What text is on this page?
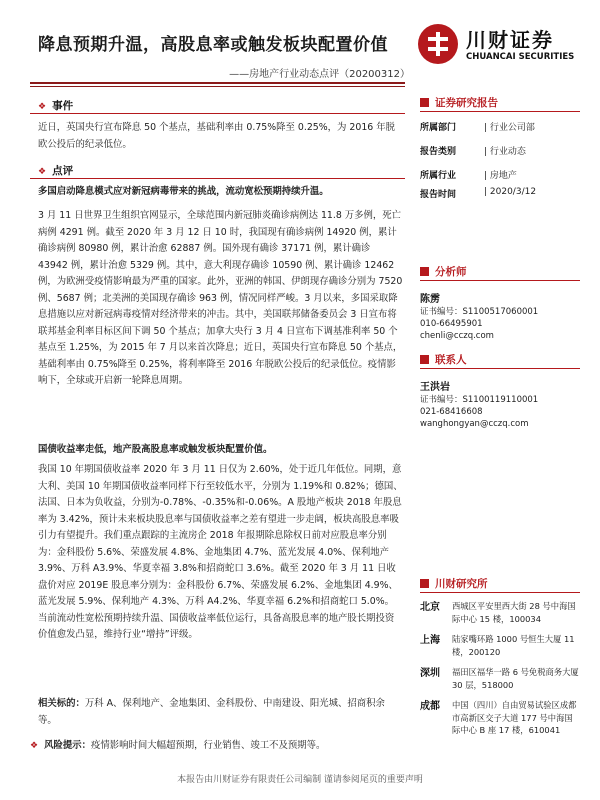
降息预期升温，高股息率或触发板块配置价值
——房地产行业动态点评（20200312）
川财证券
CHUANCAI SECURITIES
❖ 事件
近日，英国央行宣布降息 50 个基点，基础利率由 0.75%降至 0.25%，为 2016 年脱欧公投后的纪录低位。
❖ 点评
多国启动降息模式应对新冠病毒带来的挑战，流动宽松预期持续升温。
3 月 11 日世界卫生组织官网显示，全球范围内新冠肺炎确诊病例达 11.8 万多例，死亡病例 4291 例。截至 2020 年 3 月 12 日 10 时，我国现有确诊病例 14920 例，累计确诊病例 80980 例，累计治愈 62887 例。国外现有确诊 37171 例，累计确诊 43942 例，累计治愈 5329 例。其中，意大利现存确诊 10590 例、累计确诊 12462 例，为欧洲受疫情影响最为严重的国家。此外，亚洲的韩国、伊朗现存确诊分别为 7520 例、5687 例；北美洲的美国现存确诊 963 例，情况同样严峻。3 月以来，多国采取降息措施以应对新冠病毒疫情对经济带来的冲击。其中，美国联邦储备委员会 3 日宣布将联邦基金利率目标区间下调 50 个基点；加拿大央行 3 月 4 日宣布下调基准利率 50 个基点至 1.25%，为 2015 年 7 月以来首次降息；近日，英国央行宣布降息 50 个基点，基础利率由 0.75%降至 0.25%，将利率降至 2016 年脱欧公投后的纪录低位。疫情影响下，全球或开启新一轮降息周期。
国债收益率走低，地产股高股息率或触发板块配置价值。
我国 10 年期国债收益率 2020 年 3 月 11 日仅为 2.60%，处于近几年低位。同期，意大利、美国 10 年期国债收益率同样下行至较低水平，分别为 1.19%和 0.82%；德国、法国、日本为负收益，分别为-0.78%、-0.35%和-0.06%。A 股地产板块 2018 年股息率为 3.42%，预计未来板块股息率与国债收益率之差有望进一步走阔，板块高股息率吸引力有望提升。我们重点跟踪的主流房企 2018 年报期除息除权日前对应股息率分别为：金科股份 5.6%、荣盛发展 4.8%、金地集团 4.7%、蓝光发展 4.0%、保利地产 3.9%、万科 A3.9%、华夏幸福 3.8%和招商蛇口 3.6%。截至 2020 年 3 月 11 日收盘价对应 2019E 股息率分别为：金科股份 6.7%、荣盛发展 6.2%、金地集团 4.9%、蓝光发展 5.9%、保利地产 4.3%、万科 A4.2%、华夏幸福 6.2%和招商蛇口 5.0%。当前流动性宽松预期持续升温、国债收益率低位运行，具备高股息率的地产股长期投资价值愈发凸显，维持行业“增持”评级。
相关标的：万科 A、保利地产、金地集团、金科股份、中南建设、阳光城、招商积余等。
❖ 风险提示：疫情影响时间大幅超预期，行业销售、竣工不及预期等。
证券研究报告
所属部门	| 行业公司部
报告类别	| 行业动态
所属行业	| 房地产
报告时间	| 2020/3/12
分析师
陈雳
证书编号：S1100517060001
010-66495901
chenli@cczq.com
联系人
王洪岩
证书编号：S1100119110001
021-68416608
wanghongyan@cczq.com
川财研究所
北京 西城区平安里西大街 28 号中海国际中心 15 楼，100034
上海 陆家嘴环路 1000 号恒生大厦 11 楼，200120
深圳 福田区福华一路 6 号免税商务大厦 30 层，518000
成都 中国（四川）自由贸易试验区成都市高新区交子大道 177 号中海国际中心 B 座 17 楼，610041
本报告由川财证券有限责任公司编制 谨请参阅尾页的重要声明
